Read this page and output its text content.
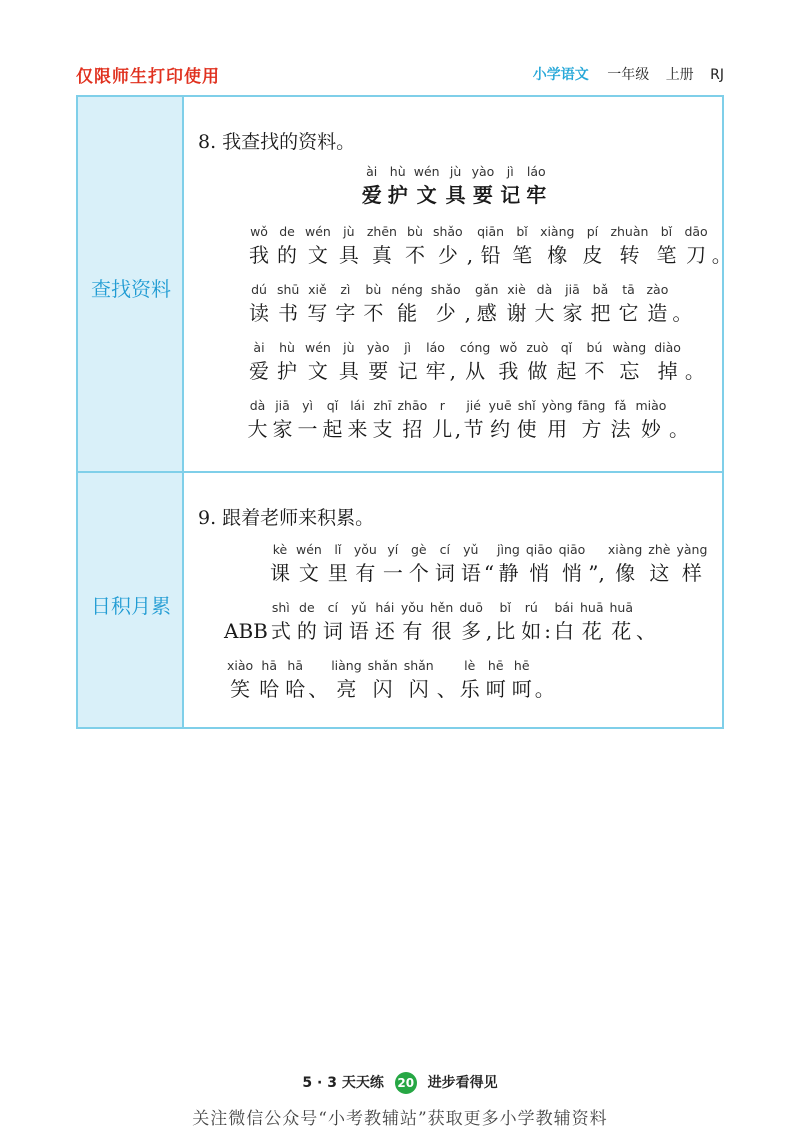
仅限师生打印使用	小学语文 一年级 上册 RJ
查找资料
日积月累
8. 我查找的资料。
ài
爱
hù
护
wén
文
jù
具
yào
要
jì
记
láo
牢
wǒ
我
de
的
wén
文
jù
具
zhēn
真
bù
不
shǎo
少 ,
qiān
铅
bǐ
笔
xiàng
橡
pí
皮
zhuàn
转
bǐ
笔
dāo
刀 。
dú
读
shū
书
xiě
写
zì
字
bù
不
néng
能
shǎo
少 ,
gǎn
感
xiè
谢
dà
大
jiā
家
bǎ
把
tā
它
zào
造 。
ài
爱
hù
护
wén
文
jù
具
yào
要
jì
记
láo
牢 ,
cóng
从
wǒ
我
zuò
做
qǐ
起
bú
不
wàng
忘
diào
掉 。
dà
大
jiā
家
yì
一
qǐ
起
lái
来
zhī
支
zhāo
招
r
儿 ,
jié
节
yuē
约
shǐ
使
yòng
用
fāng
方
fǎ
法
miào
妙 。
9. 跟着老师来积累。
kè
课
wén
文
lǐ
里
yǒu
有
yí
一
gè
个
cí
词
yǔ
语 “
jìng
静
qiāo
悄
qiāo
悄 ”,
xiàng
像
zhè
这
yàng
样
ABB
shì
式
de
的
cí
词
yǔ
语
hái
还
yǒu
有
hěn
很
duō
多 ,
bǐ
比
rú
如 :
bái
白
huā
花
huā
花 、
xiào
笑
hā
哈
hā
哈 、
liàng
亮
shǎn
闪
shǎn
闪 、
lè
乐
hē
呵
hē
呵 。
5 · 3 天天练 20 进步看得见
关注微信公众号“小考教辅站”获取更多小学教辅资料
